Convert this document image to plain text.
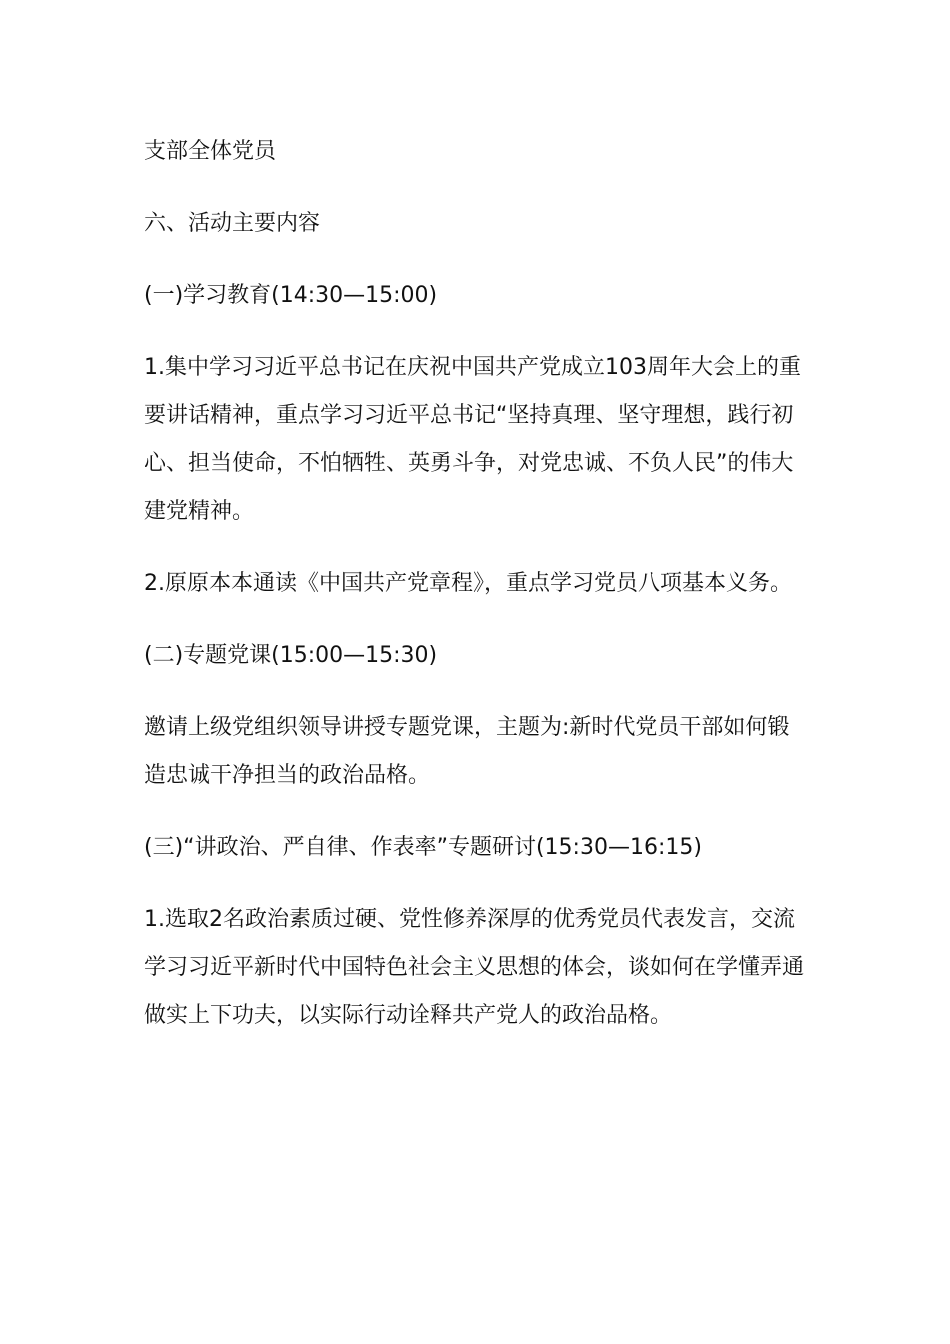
支部全体党员

六、活动主要内容

(一)学习教育(14:30—15:00)

1.集中学习习近平总书记在庆祝中国共产党成立103周年大会上的重要讲话精神，重点学习习近平总书记“坚持真理、坚守理想，践行初心、担当使命，不怕牺牲、英勇斗争，对党忠诚、不负人民”的伟大建党精神。

2.原原本本通读《中国共产党章程》，重点学习党员八项基本义务。

(二)专题党课(15:00—15:30)

邀请上级党组织领导讲授专题党课，主题为:新时代党员干部如何锻造忠诚干净担当的政治品格。

(三)“讲政治、严自律、作表率”专题研讨(15:30—16:15)

1.选取2名政治素质过硬、党性修养深厚的优秀党员代表发言，交流学习习近平新时代中国特色社会主义思想的体会，谈如何在学懂弄通做实上下功夫，以实际行动诠释共产党人的政治品格。
